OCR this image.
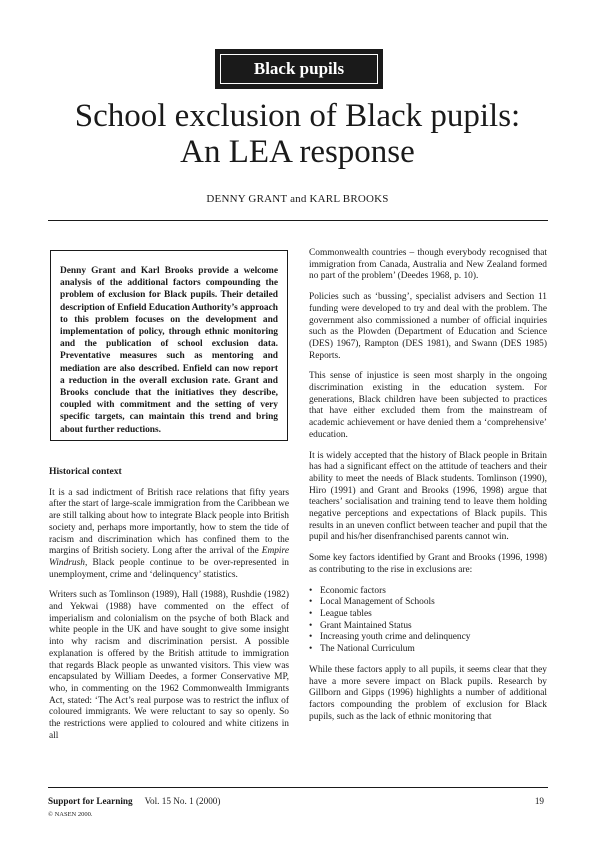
Black pupils
School exclusion of Black pupils:
An LEA response
DENNY GRANT and KARL BROOKS

Denny Grant and Karl Brooks provide a welcome analysis of the additional factors compounding the problem of exclusion for Black pupils. Their detailed description of Enfield Education Authority’s approach to this problem focuses on the development and implementation of policy, through ethnic monitoring and the publication of school exclusion data. Preventative measures such as mentoring and mediation are also described. Enfield can now report a reduction in the overall exclusion rate. Grant and Brooks conclude that the initiatives they describe, coupled with commitment and the setting of very specific targets, can maintain this trend and bring about further reductions.

Historical context

It is a sad indictment of British race relations that fifty years after the start of large-scale immigration from the Caribbean we are still talking about how to integrate Black people into British society and, perhaps more importantly, how to stem the tide of racism and discrimination which has confined them to the margins of British society. Long after the arrival of the Empire Windrush, Black people continue to be over-represented in unemployment, crime and ‘delinquency’ statistics.

Writers such as Tomlinson (1989), Hall (1988), Rushdie (1982) and Yekwai (1988) have commented on the effect of imperialism and colonialism on the psyche of both Black and white people in the UK and have sought to give some insight into why racism and discrimination persist. A possible explanation is offered by the British attitude to immigration that regards Black people as unwanted visitors. This view was encapsulated by William Deedes, a former Conservative MP, who, in commenting on the 1962 Commonwealth Immigrants Act, stated: ‘The Act’s real purpose was to restrict the influx of coloured immigrants. We were reluctant to say so openly. So the restrictions were applied to coloured and white citizens in all

Commonwealth countries – though everybody recognised that immigration from Canada, Australia and New Zealand formed no part of the problem’ (Deedes 1968, p. 10).

Policies such as ‘bussing’, specialist advisers and Section 11 funding were developed to try and deal with the problem. The government also commissioned a number of official inquiries such as the Plowden (Department of Education and Science (DES) 1967), Rampton (DES 1981), and Swann (DES 1985) Reports.

This sense of injustice is seen most sharply in the ongoing discrimination existing in the education system. For generations, Black children have been subjected to practices that have either excluded them from the mainstream of academic achievement or have denied them a ‘comprehensive’ education.

It is widely accepted that the history of Black people in Britain has had a significant effect on the attitude of teachers and their ability to meet the needs of Black students. Tomlinson (1990), Hiro (1991) and Grant and Brooks (1996, 1998) argue that teachers’ socialisation and training tend to leave them holding negative perceptions and expectations of Black pupils. This results in an uneven conflict between teacher and pupil that the pupil and his/her disenfranchised parents cannot win.

Some key factors identified by Grant and Brooks (1996, 1998) as contributing to the rise in exclusions are:

• Economic factors
• Local Management of Schools
• League tables
• Grant Maintained Status
• Increasing youth crime and delinquency
• The National Curriculum

While these factors apply to all pupils, it seems clear that they have a more severe impact on Black pupils. Research by Gillborn and Gipps (1996) highlights a number of additional factors compounding the problem of exclusion for Black pupils, such as the lack of ethnic monitoring that

Support for Learning Vol. 15 No. 1 (2000)	19
© NASEN 2000.
